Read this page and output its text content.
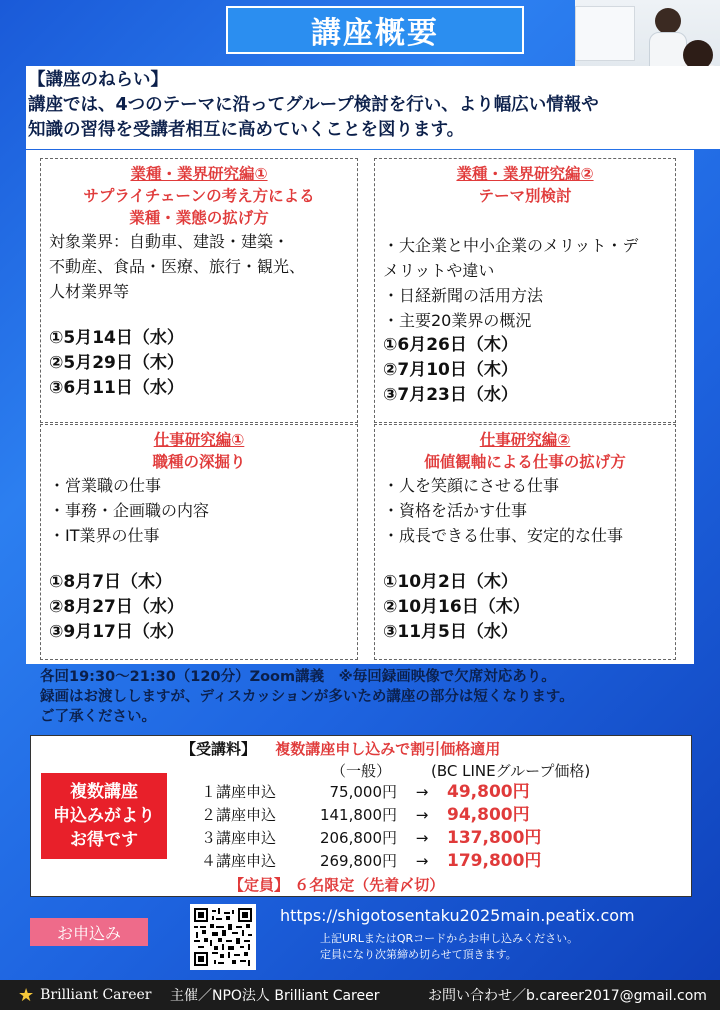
講座概要
【講座のねらい】
講座では、4つのテーマに沿ってグループ検討を行い、より幅広い情報や
知識の習得を受講者相互に高めていくことを図ります。
業種・業界研究編①
サプライチェーンの考え方による
業種・業態の拡げ方
対象業界：自動車、建設・建築・
不動産、食品・医療、旅行・観光、
人材業界等
①5月14日（水）
②5月29日（木）
③6月11日（水）
業種・業界研究編②
テーマ別検討
・大企業と中小企業のメリット・デ
メリットや違い
・日経新聞の活用方法
・主要20業界の概況
①6月26日（木）
②7月10日（木）
③7月23日（水）
仕事研究編①
職種の深掘り
・営業職の仕事
・事務・企画職の内容
・IT業界の仕事
①8月7日（木）
②8月27日（水）
③9月17日（水）
仕事研究編②
価値観軸による仕事の拡げ方
・人を笑顔にさせる仕事
・資格を活かす仕事
・成長できる仕事、安定的な仕事
①10月2日（木）
②10月16日（木）
③11月5日（水）
各回19:30～21:30（120分）Zoom講義　※毎回録画映像で欠席対応あり。
録画はお渡ししますが、ディスカッションが多いため講座の部分は短くなります。
ご了承ください。
【受講料】 複数講座申し込みで割引価格適用
複数講座
申込みがより
お得です
（一般）	(BC LINEグループ価格)
１講座申込	75,000円	→	49,800円
２講座申込	141,800円	→	94,800円
３講座申込	206,800円	→	137,800円
４講座申込	269,800円	→	179,800円
【定員】 ６名限定（先着〆切）
お申込み
https://shigotosentaku2025main.peatix.com
上記URLまたはQRコードからお申し込みください。
定員になり次第締め切らせて頂きます。
★ Brilliant Career 主催／NPO法人 Brilliant Career	お問い合わせ／b.career2017@gmail.com
